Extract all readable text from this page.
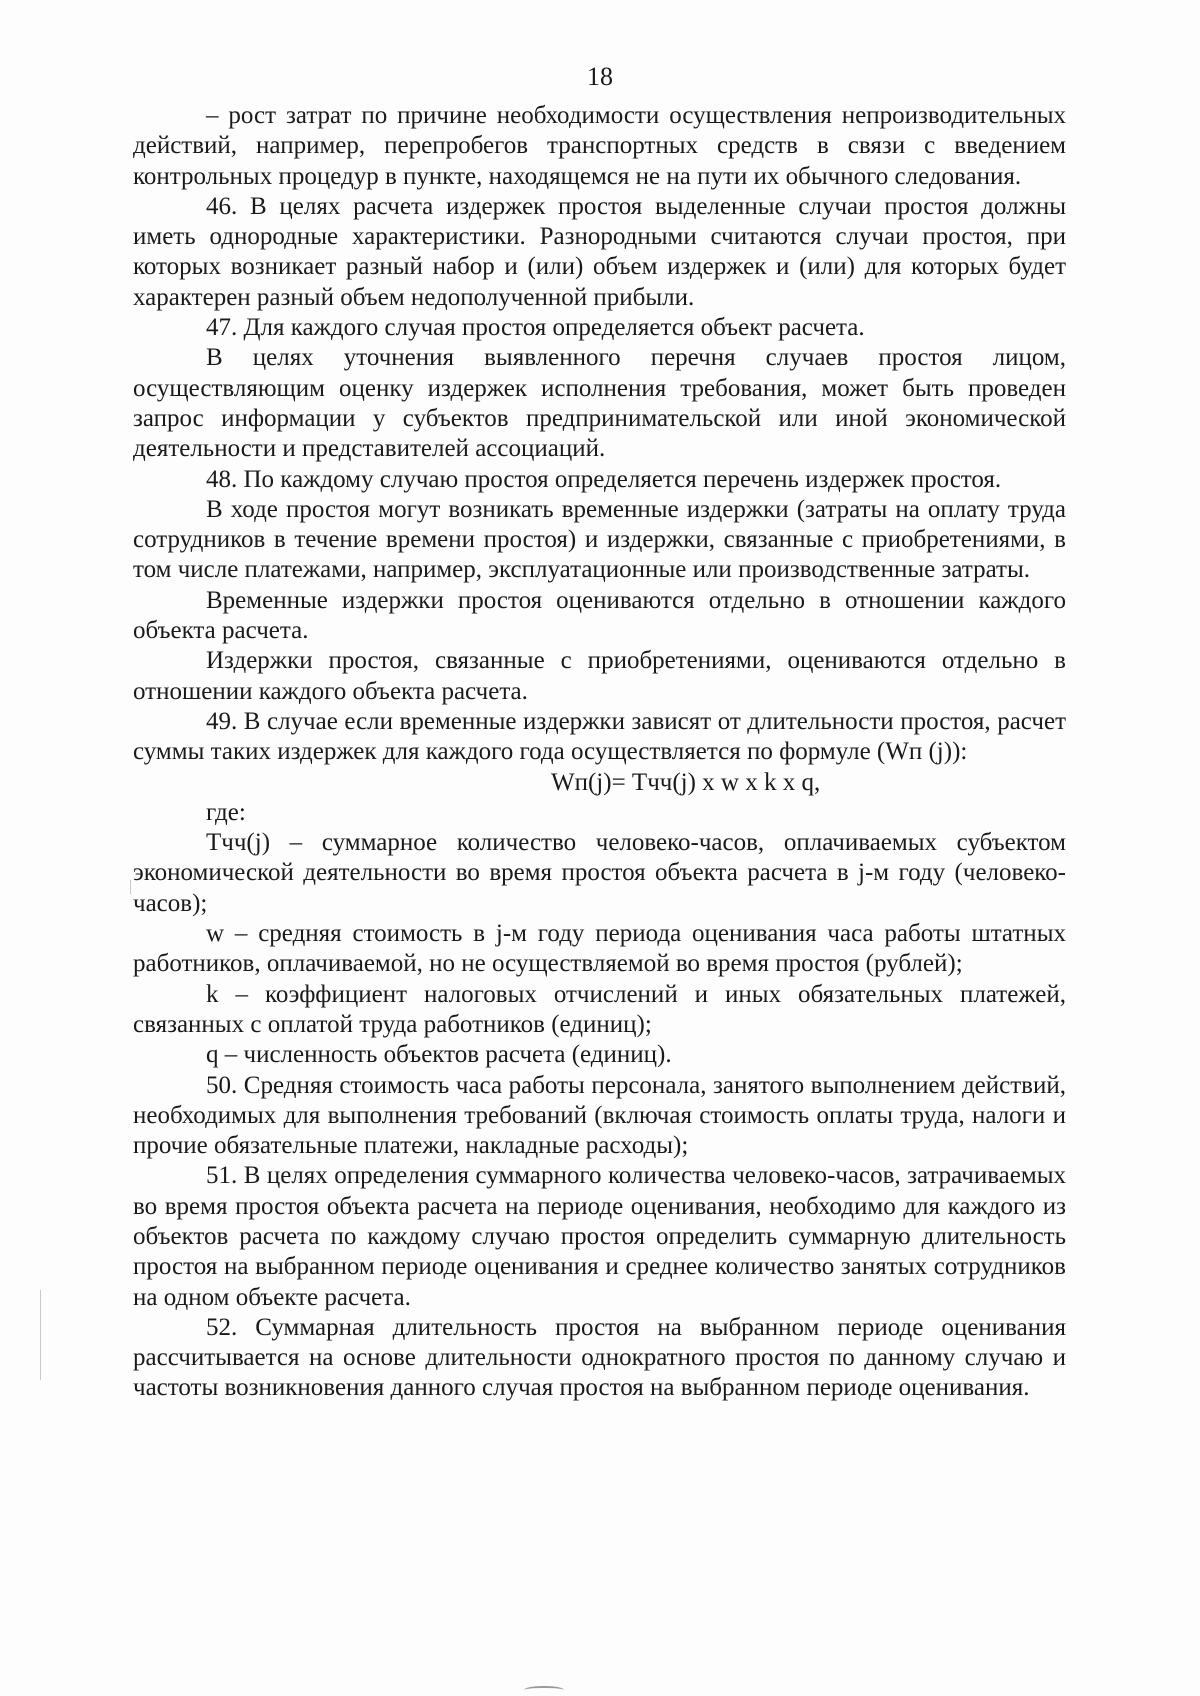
18

– рост затрат по причине необходимости осуществления непроизводительных действий, например, перепробегов транспортных средств в связи с введением контрольных процедур в пункте, находящемся не на пути их обычного следования.

46. В целях расчета издержек простоя выделенные случаи простоя должны иметь однородные характеристики. Разнородными считаются случаи простоя, при которых возникает разный набор и (или) объем издержек и (или) для которых будет характерен разный объем недополученной прибыли.

47. Для каждого случая простоя определяется объект расчета.

В целях уточнения выявленного перечня случаев простоя лицом, осуществляющим оценку издержек исполнения требования, может быть проведен запрос информации у субъектов предпринимательской или иной экономической деятельности и представителей ассоциаций.

48. По каждому случаю простоя определяется перечень издержек простоя.

В ходе простоя могут возникать временные издержки (затраты на оплату труда сотрудников в течение времени простоя) и издержки, связанные с приобретениями, в том числе платежами, например, эксплуатационные или производственные затраты.

Временные издержки простоя оцениваются отдельно в отношении каждого объекта расчета.

Издержки простоя, связанные с приобретениями, оцениваются отдельно в отношении каждого объекта расчета.

49. В случае если временные издержки зависят от длительности простоя, расчет суммы таких издержек для каждого года осуществляется по формуле (Wп (j)):

Wп(j)= Tчч(j) x w x k x q,

где:

Tчч(j) – суммарное количество человеко-часов, оплачиваемых субъектом экономической деятельности во время простоя объекта расчета в j-м году (человеко-часов);

w – средняя стоимость в j-м году периода оценивания часа работы штатных работников, оплачиваемой, но не осуществляемой во время простоя (рублей);

k – коэффициент налоговых отчислений и иных обязательных платежей, связанных с оплатой труда работников (единиц);

q – численность объектов расчета (единиц).

50. Средняя стоимость часа работы персонала, занятого выполнением действий, необходимых для выполнения требований (включая стоимость оплаты труда, налоги и прочие обязательные платежи, накладные расходы);

51. В целях определения суммарного количества человеко-часов, затрачиваемых во время простоя объекта расчета на периоде оценивания, необходимо для каждого из объектов расчета по каждому случаю простоя определить суммарную длительность простоя на выбранном периоде оценивания и среднее количество занятых сотрудников на одном объекте расчета.

52. Суммарная длительность простоя на выбранном периоде оценивания рассчитывается на основе длительности однократного простоя по данному случаю и частоты возникновения данного случая простоя на выбранном периоде оценивания.
